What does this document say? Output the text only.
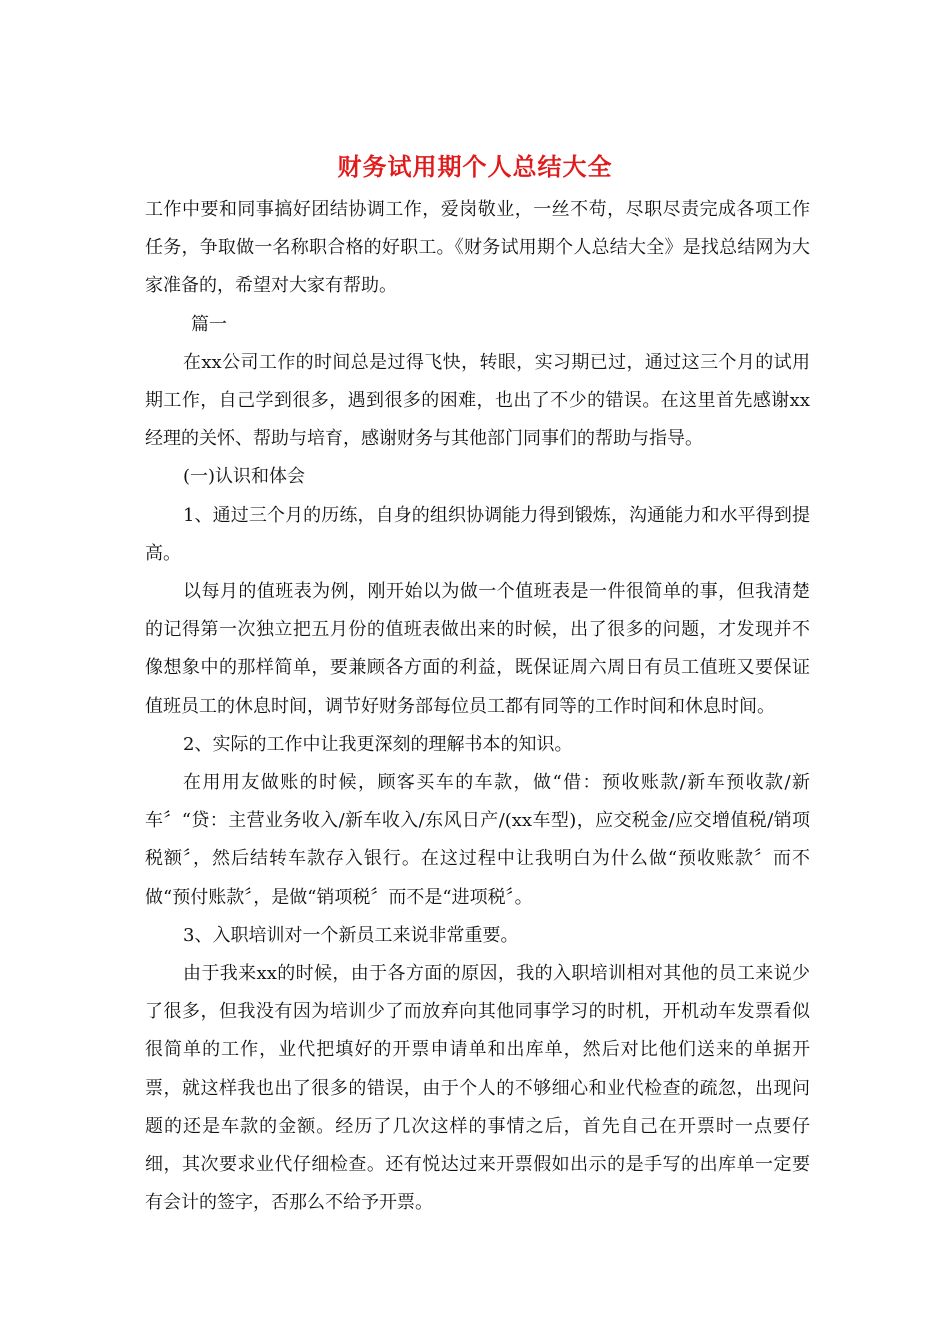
财务试用期个人总结大全

工作中要和同事搞好团结协调工作，爱岗敬业，一丝不苟，尽职尽责完成各项工作任务，争取做一名称职合格的好职工。《财务试用期个人总结大全》是找总结网为大家准备的，希望对大家有帮助。

篇一

在xx公司工作的时间总是过得飞快，转眼，实习期已过，通过这三个月的试用期工作，自己学到很多，遇到很多的困难，也出了不少的错误。在这里首先感谢xx经理的关怀、帮助与培育，感谢财务与其他部门同事们的帮助与指导。

(一)认识和体会

1、通过三个月的历练，自身的组织协调能力得到锻炼，沟通能力和水平得到提高。

以每月的值班表为例，刚开始以为做一个值班表是一件很简单的事，但我清楚的记得第一次独立把五月份的值班表做出来的时候，出了很多的问题，才发现并不像想象中的那样简单，要兼顾各方面的利益，既保证周六周日有员工值班又要保证值班员工的休息时间，调节好财务部每位员工都有同等的工作时间和休息时间。

2、实际的工作中让我更深刻的理解书本的知识。

在用用友做账的时候，顾客买车的车款，做“借：预收账款/新车预收款/新车〞“贷：主营业务收入/新车收入/东风日产/(xx车型)，应交税金/应交增值税/销项税额〞，然后结转车款存入银行。在这过程中让我明白为什么做“预收账款〞而不做“预付账款〞，是做“销项税〞而不是“进项税〞。

3、入职培训对一个新员工来说非常重要。

由于我来xx的时候，由于各方面的原因，我的入职培训相对其他的员工来说少了很多，但我没有因为培训少了而放弃向其他同事学习的时机，开机动车发票看似很简单的工作，业代把填好的开票申请单和出库单，然后对比他们送来的单据开票，就这样我也出了很多的错误，由于个人的不够细心和业代检查的疏忽，出现问题的还是车款的金额。经历了几次这样的事情之后，首先自己在开票时一点要仔细，其次要求业代仔细检查。还有悦达过来开票假如出示的是手写的出库单一定要有会计的签字，否那么不给予开票。
